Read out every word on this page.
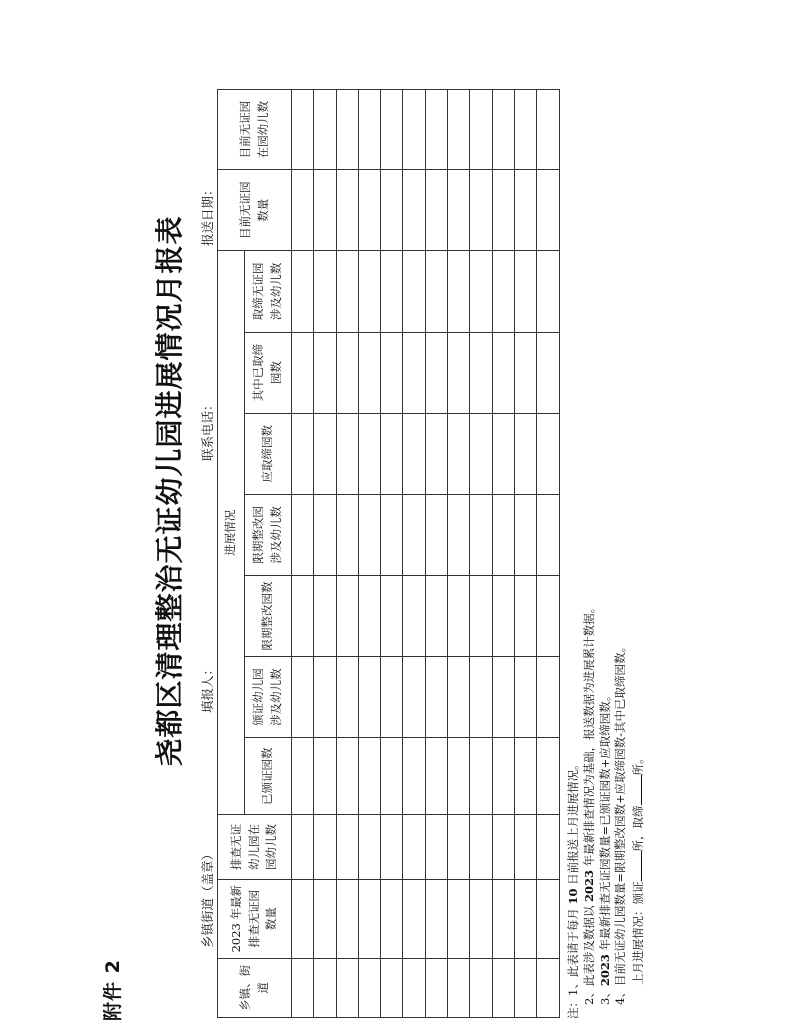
附件 2
尧都区清理整治无证幼儿园进展情况月报表
乡镇街道（盖章）
填报人：
联系电话：
报送日期：
乡镇、街道	2023 年最新排查无证园数量	排查无证幼儿园在园幼儿数	进展情况							目前无证园数量	目前无证园在园幼儿数
			已颁证园数	颁证幼儿园涉及幼儿数	限期整改园数	限期整改园涉及幼儿数	应取缔园数	其中已取缔园数	取缔无证园涉及幼儿数		

注：1、此表请于每月 10 日前报送上月进展情况。
2、此表涉及数据以 2023 年最新排查情况为基础，报送数据为进展累计数据。
3、2023 年最新排查无证园数量=已颁证园数+应取缔园数。 4、目前无证幼儿园数量=限期整改园数+应取缔园数-其中已取缔园数。 上月进展情况：颁证所，取缔所。
